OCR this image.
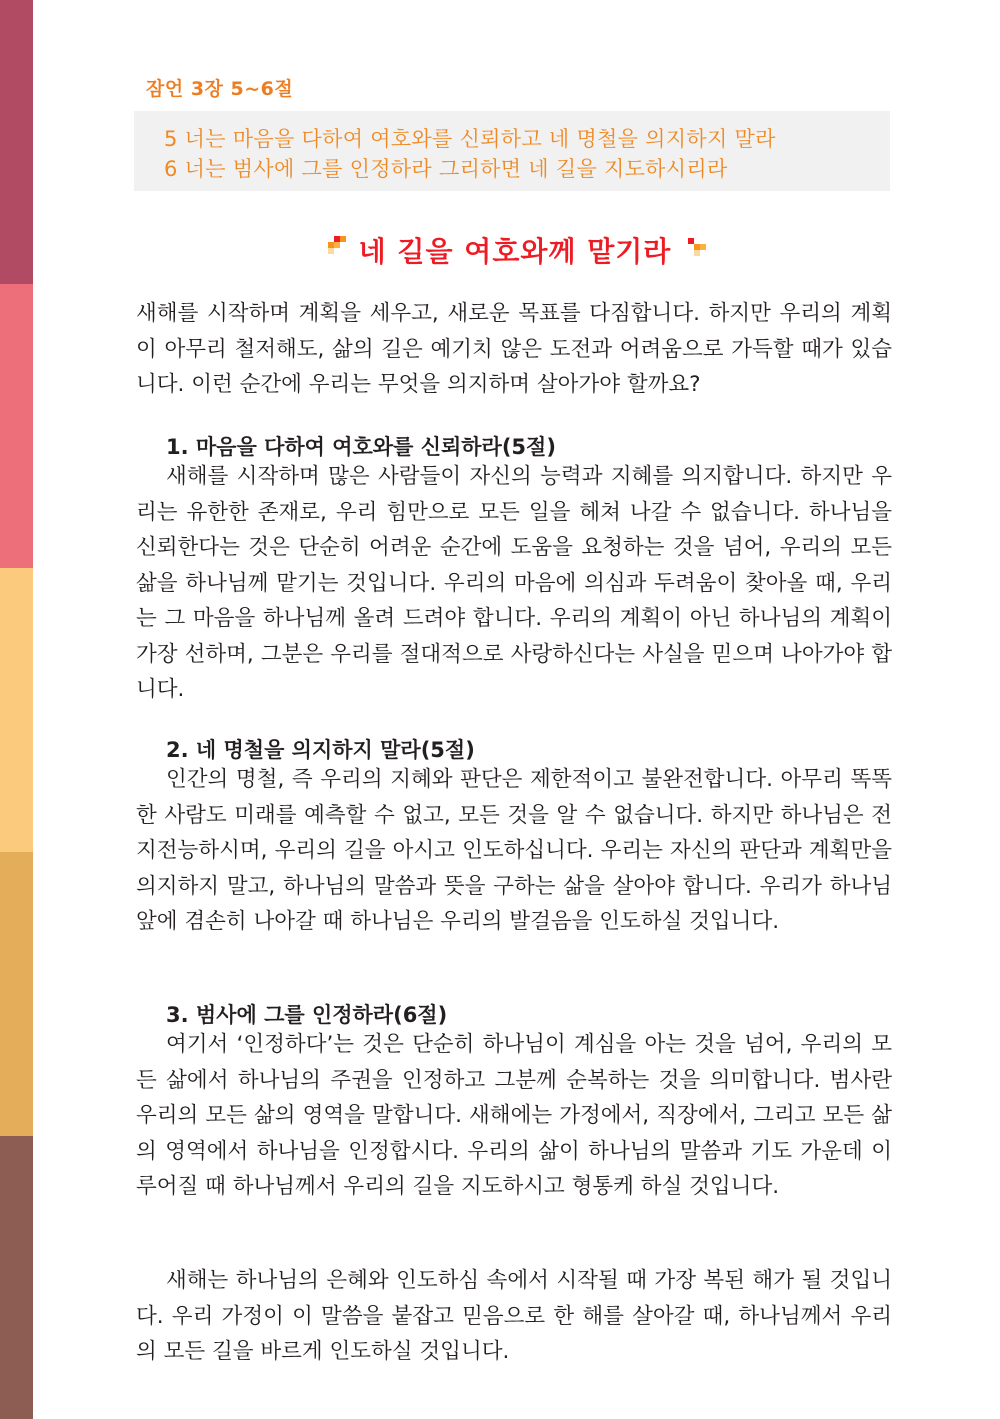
잠언 3장 5~6절
5 너는 마음을 다하여 여호와를 신뢰하고 네 명철을 의지하지 말라
6 너는 범사에 그를 인정하라 그리하면 네 길을 지도하시리라
네 길을 여호와께 맡기라

새해를 시작하며 계획을 세우고, 새로운 목표를 다짐합니다. 하지만 우리의 계획이 아무리 철저해도, 삶의 길은 예기치 않은 도전과 어려움으로 가득할 때가 있습니다. 이런 순간에 우리는 무엇을 의지하며 살아가야 할까요?

1. 마음을 다하여 여호와를 신뢰하라(5절)

새해를 시작하며 많은 사람들이 자신의 능력과 지혜를 의지합니다. 하지만 우리는 유한한 존재로, 우리 힘만으로 모든 일을 헤쳐 나갈 수 없습니다. 하나님을 신뢰한다는 것은 단순히 어려운 순간에 도움을 요청하는 것을 넘어, 우리의 모든 삶을 하나님께 맡기는 것입니다. 우리의 마음에 의심과 두려움이 찾아올 때, 우리는 그 마음을 하나님께 올려 드려야 합니다. 우리의 계획이 아닌 하나님의 계획이 가장 선하며, 그분은 우리를 절대적으로 사랑하신다는 사실을 믿으며 나아가야 합니다.

2. 네 명철을 의지하지 말라(5절)

인간의 명철, 즉 우리의 지혜와 판단은 제한적이고 불완전합니다. 아무리 똑똑한 사람도 미래를 예측할 수 없고, 모든 것을 알 수 없습니다. 하지만 하나님은 전지전능하시며, 우리의 길을 아시고 인도하십니다. 우리는 자신의 판단과 계획만을 의지하지 말고, 하나님의 말씀과 뜻을 구하는 삶을 살아야 합니다. 우리가 하나님 앞에 겸손히 나아갈 때 하나님은 우리의 발걸음을 인도하실 것입니다.

3. 범사에 그를 인정하라(6절)

여기서 ‘인정하다’는 것은 단순히 하나님이 계심을 아는 것을 넘어, 우리의 모든 삶에서 하나님의 주권을 인정하고 그분께 순복하는 것을 의미합니다. 범사란 우리의 모든 삶의 영역을 말합니다. 새해에는 가정에서, 직장에서, 그리고 모든 삶의 영역에서 하나님을 인정합시다. 우리의 삶이 하나님의 말씀과 기도 가운데 이루어질 때 하나님께서 우리의 길을 지도하시고 형통케 하실 것입니다.

새해는 하나님의 은혜와 인도하심 속에서 시작될 때 가장 복된 해가 될 것입니다. 우리 가정이 이 말씀을 붙잡고 믿음으로 한 해를 살아갈 때, 하나님께서 우리의 모든 길을 바르게 인도하실 것입니다.
